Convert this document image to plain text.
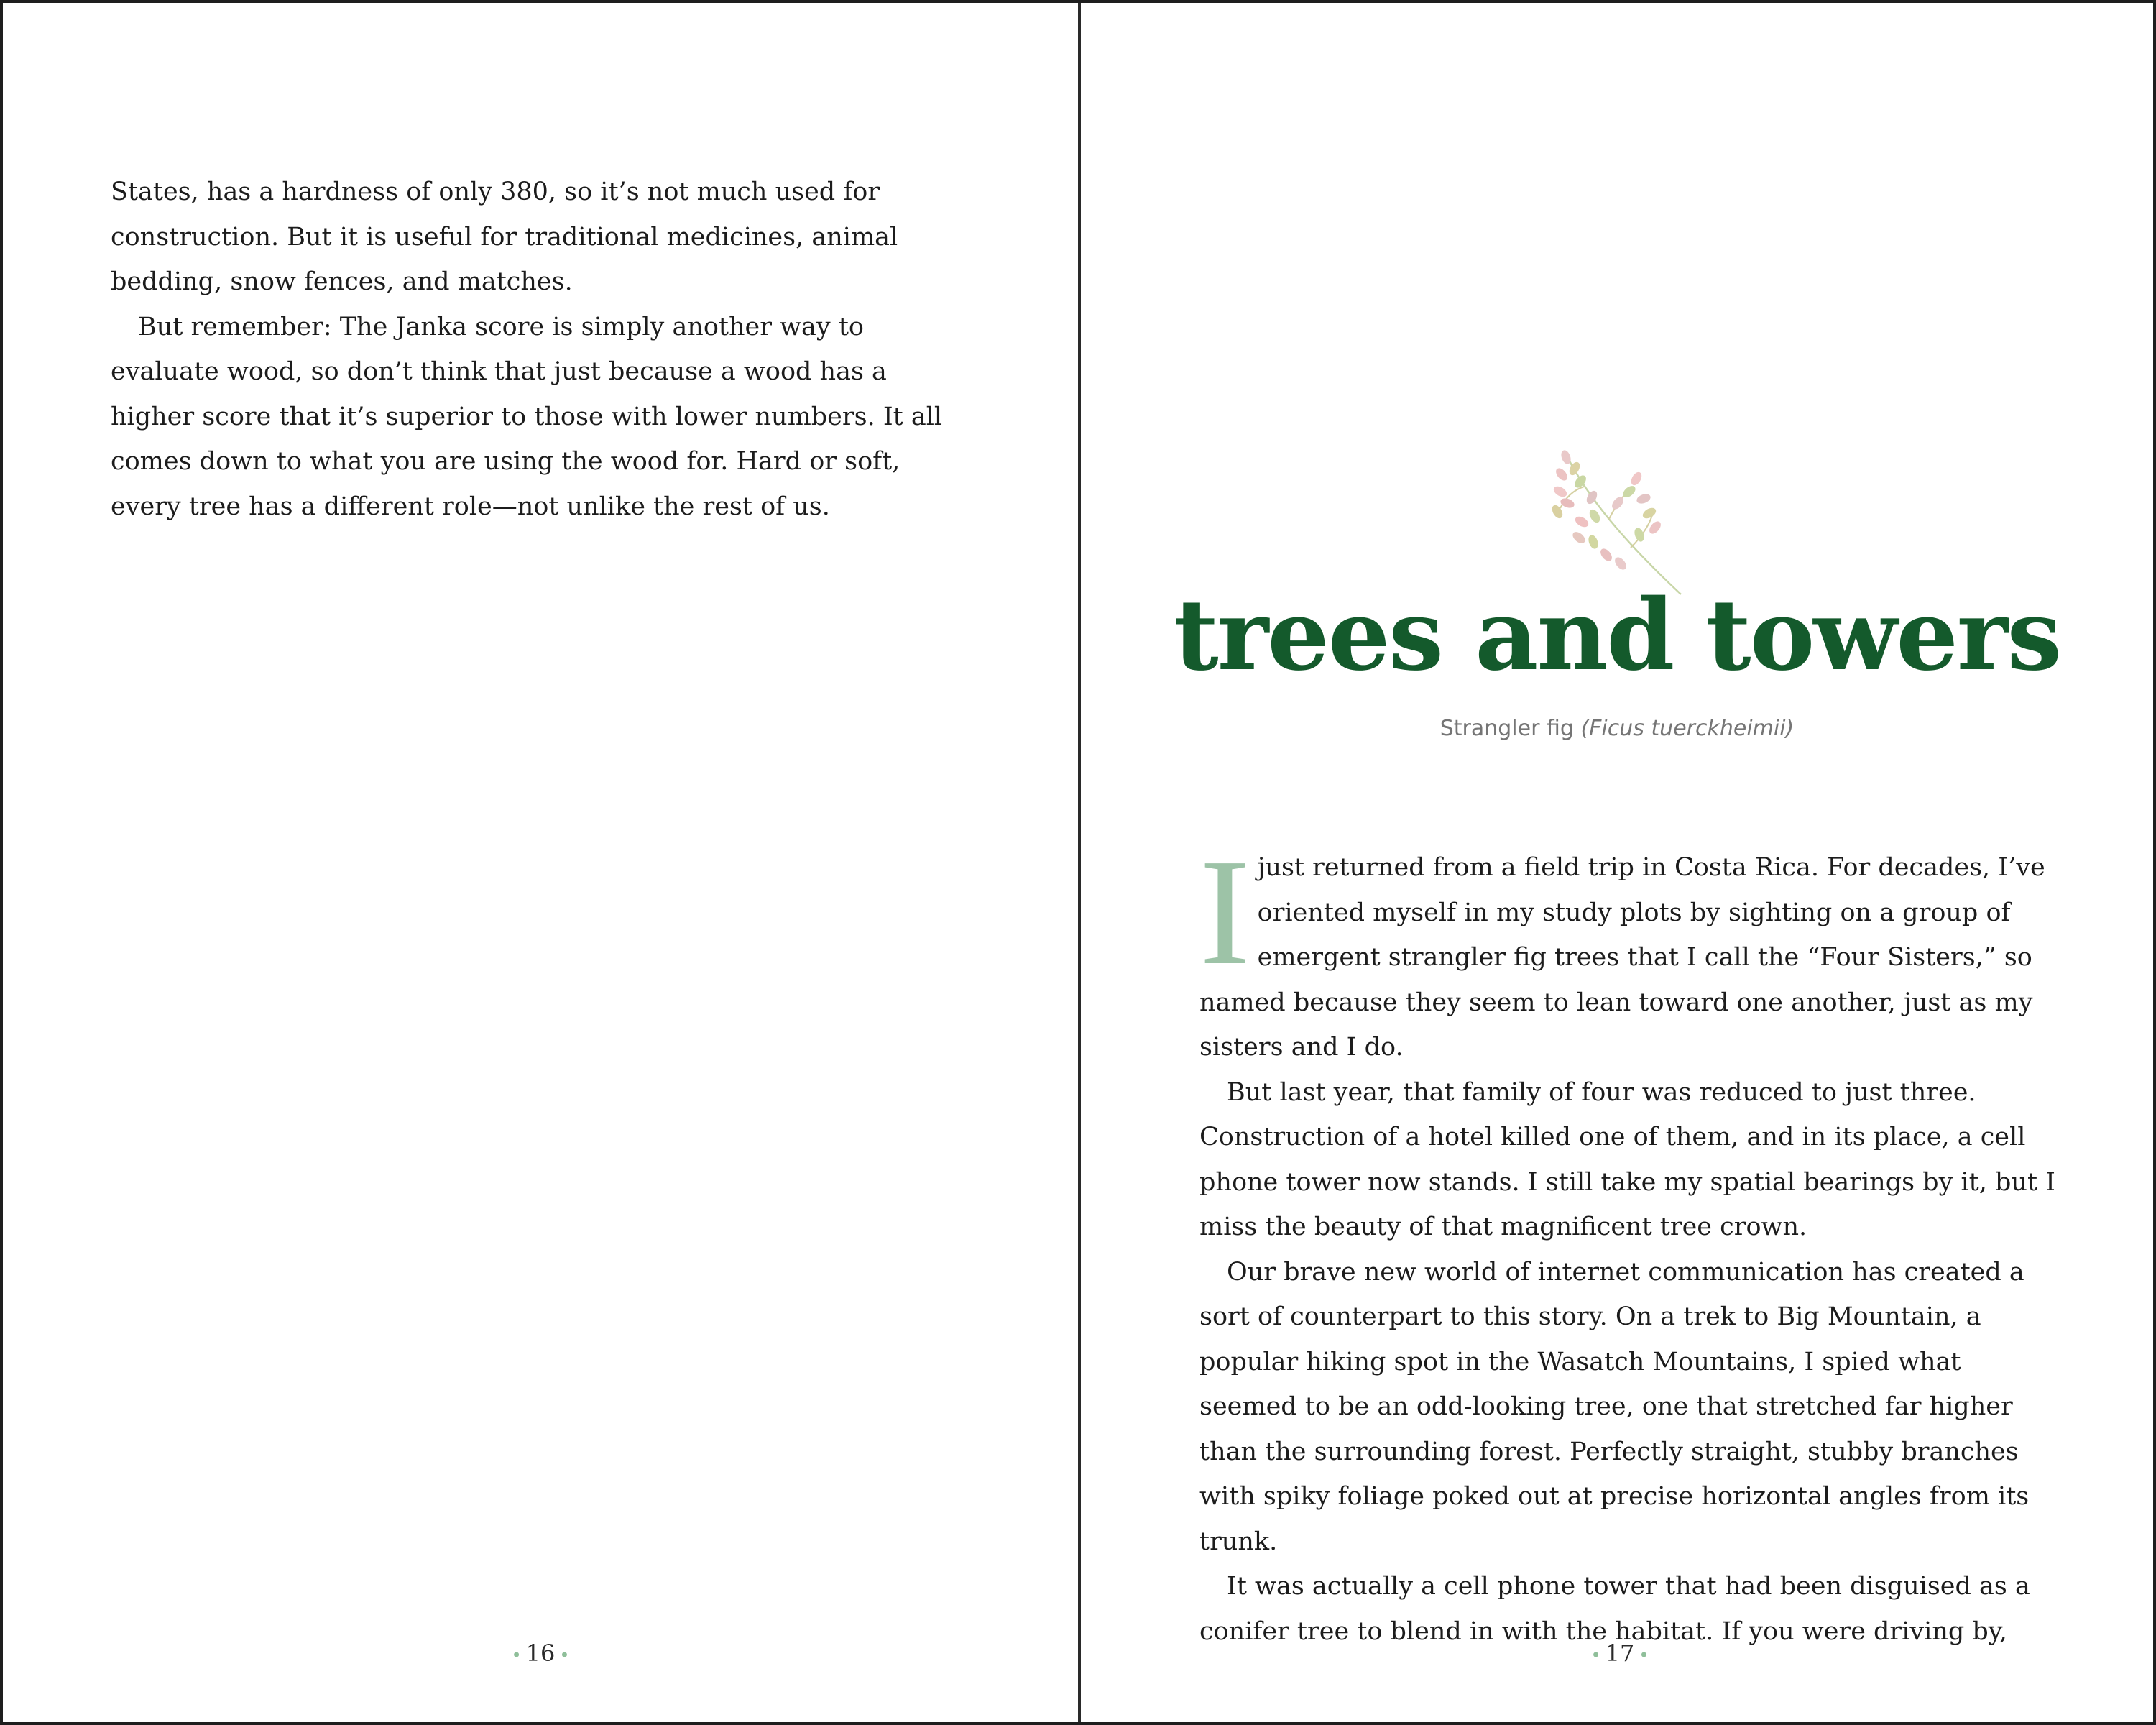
States, has a hardness of only 380, so it’s not much used for construction. But it is useful for traditional medicines, animal bedding, snow fences, and matches.

But remember: The Janka score is simply another way to evaluate wood, so don’t think that just because a wood has a higher score that it’s superior to those with lower numbers. It all comes down to what you are using the wood for. Hard or soft, every tree has a different role—not unlike the rest of us.

• 16 •
trees and towers
Strangler fig (Ficus tuerckheimii)

Ijust returned from a field trip in Costa Rica. For decades, I’ve oriented myself in my study plots by sighting on a group of emergent strangler fig trees that I call the “Four Sisters,” so named because they seem to lean toward one another, just as my sisters and I do.

But last year, that family of four was reduced to just three. Construction of a hotel killed one of them, and in its place, a cell phone tower now stands. I still take my spatial bearings by it, but I miss the beauty of that magnificent tree crown.

Our brave new world of internet communication has created a sort of counterpart to this story. On a trek to Big Mountain, a popular hiking spot in the Wasatch Mountains, I spied what seemed to be an odd-looking tree, one that stretched far higher than the surrounding forest. Perfectly straight, stubby branches with spiky foliage poked out at precise horizontal angles from its trunk.

It was actually a cell phone tower that had been disguised as a conifer tree to blend in with the habitat. If you were driving by,

• 17 •
